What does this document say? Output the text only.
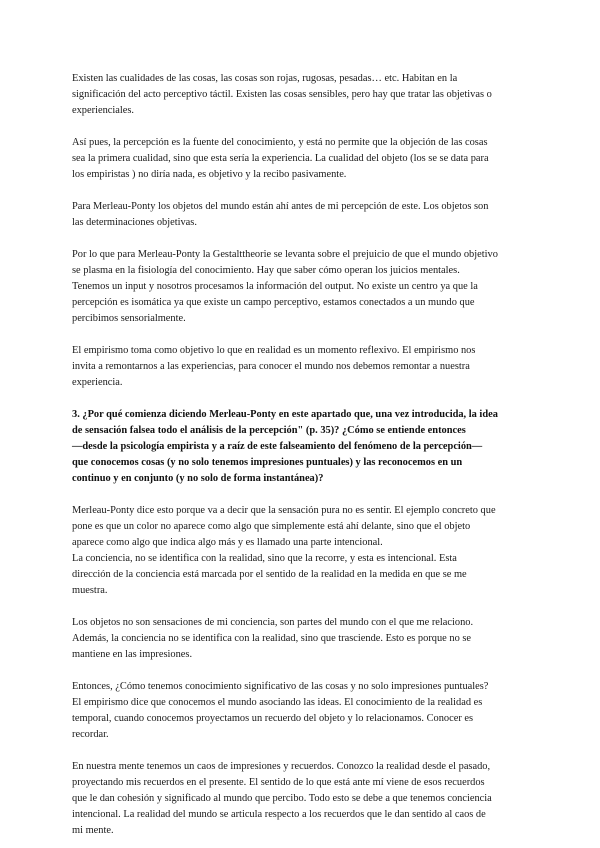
Existen las cualidades de las cosas, las cosas son rojas, rugosas, pesadas… etc. Habitan en la
significación del acto perceptivo táctil. Existen las cosas sensibles, pero hay que tratar las objetivas o
experienciales.

Así pues, la percepción es la fuente del conocimiento, y está no permite que la objeción de las cosas
sea la primera cualidad, sino que esta sería la experiencia. La cualidad del objeto (los se se data para
los empiristas ) no diría nada, es objetivo y la recibo pasivamente.

Para Merleau-Ponty los objetos del mundo están ahí antes de mi percepción de este. Los objetos son
las determinaciones objetivas.

Por lo que para Merleau-Ponty la Gestalttheorie se levanta sobre el prejuicio de que el mundo objetivo
se plasma en la fisiología del conocimiento. Hay que saber cómo operan los juicios mentales.
Tenemos un input y nosotros procesamos la información del output. No existe un centro ya que la
percepción es isomática ya que existe un campo perceptivo, estamos conectados a un mundo que
percibimos sensorialmente.

El empirismo toma como objetivo lo que en realidad es un momento reflexivo. El empirismo nos
invita a remontarnos a las experiencias, para conocer el mundo nos debemos remontar a nuestra
experiencia.

3. ¿Por qué comienza diciendo Merleau-Ponty en este apartado que, una vez introducida, la idea
de sensación falsea todo el análisis de la percepción" (p. 35)? ¿Cómo se entiende entonces
—desde la psicología empirista y a raíz de este falseamiento del fenómeno de la percepción—
que conocemos cosas (y no solo tenemos impresiones puntuales) y las reconocemos en un
continuo y en conjunto (y no solo de forma instantánea)?

Merleau-Ponty dice esto porque va a decir que la sensación pura no es sentir. El ejemplo concreto que
pone es que un color no aparece como algo que simplemente está ahí delante, sino que el objeto
aparece como algo que indica algo más y es llamado una parte intencional.

La conciencia, no se identifica con la realidad, sino que la recorre, y esta es intencional. Esta
dirección de la conciencia está marcada por el sentido de la realidad en la medida en que se me
muestra.

Los objetos no son sensaciones de mi conciencia, son partes del mundo con el que me relaciono.
Además, la conciencia no se identifica con la realidad, sino que trasciende. Esto es porque no se
mantiene en las impresiones.

Entonces, ¿Cómo tenemos conocimiento significativo de las cosas y no solo impresiones puntuales?
El empirismo dice que conocemos el mundo asociando las ideas. El conocimiento de la realidad es
temporal, cuando conocemos proyectamos un recuerdo del objeto y lo relacionamos. Conocer es
recordar.

En nuestra mente tenemos un caos de impresiones y recuerdos. Conozco la realidad desde el pasado,
proyectando mis recuerdos en el presente. El sentido de lo que está ante mí viene de esos recuerdos
que le dan cohesión y significado al mundo que percibo. Todo esto se debe a que tenemos conciencia
intencional. La realidad del mundo se articula respecto a los recuerdos que le dan sentido al caos de
mi mente.
